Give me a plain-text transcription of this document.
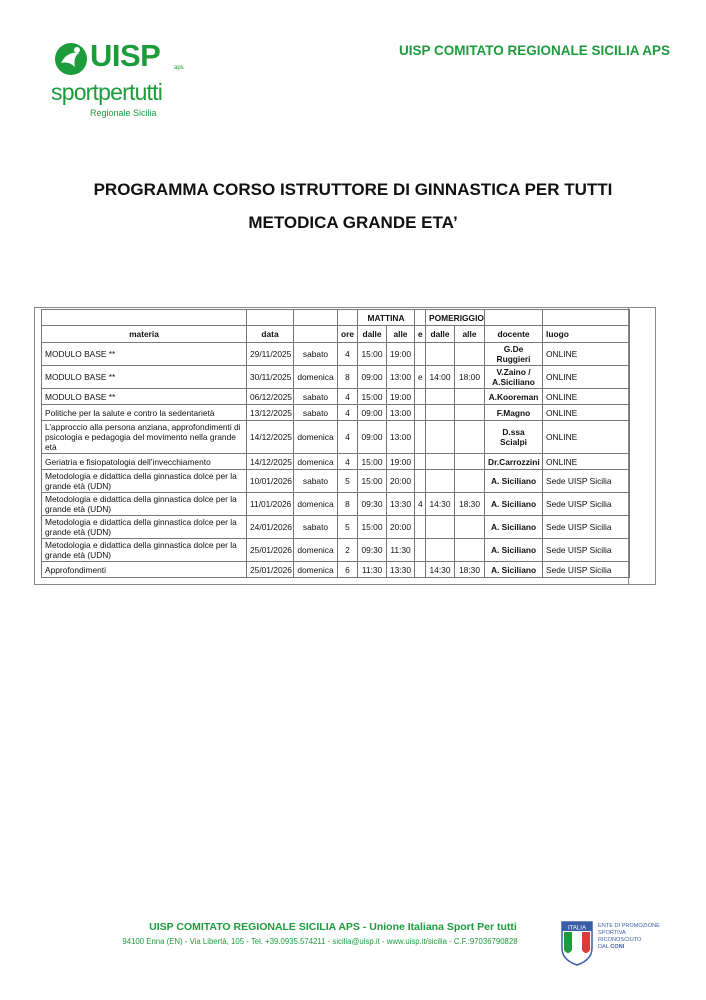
UISP aps
sportpertutti
Regionale Sicilia
UISP COMITATO REGIONALE SICILIA APS
PROGRAMMA CORSO ISTRUTTORE DI GINNASTICA PER TUTTI
METODICA GRANDE ETA’
				MATTINA			POMERIGGIO			
materia	data		ore	dalle	alle	e	dalle	alle	docente	luogo
MODULO BASE **	29/11/2025	sabato	4	15:00	19:00				G.De Ruggieri	ONLINE
MODULO BASE **	30/11/2025	domenica	8	09:00	13:00	e	14:00	18:00	V.Zaino / A.Siciliano	ONLINE
MODULO BASE **	06/12/2025	sabato	4	15:00	19:00				A.Kooreman	ONLINE
Politiche per la salute e contro la sedentarietà	13/12/2025	sabato	4	09:00	13:00				F.Magno	ONLINE
L’approccio alla persona anziana, approfondimenti di psicologia e pedagogia del movimento nella grande età	14/12/2025	domenica	4	09:00	13:00				D.ssa Scialpi	ONLINE
Geriatria e fisiopatologia dell’invecchiamento	14/12/2025	domenica	4	15:00	19:00				Dr.Carrozzini	ONLINE
Metodologia e didattica della ginnastica dolce per la grande età (UDN)	10/01/2026	sabato	5	15:00	20:00				A. Siciliano	Sede UISP Sicilia
Metodologia e didattica della ginnastica dolce per la grande età (UDN)	11/01/2026	domenica	8	09:30	13:30	4	14:30	18:30	A. Siciliano	Sede UISP Sicilia
Metodologia e didattica della ginnastica dolce per la grande età (UDN)	24/01/2026	sabato	5	15:00	20:00				A. Siciliano	Sede UISP Sicilia
Metodologia e didattica della ginnastica dolce per la grande età (UDN)	25/01/2026	domenica	2	09:30	11:30				A. Siciliano	Sede UISP Sicilia
Approfondimenti	25/01/2026	domenica	6	11:30	13:30		14:30	18:30	A. Siciliano	Sede UISP Sicilia
UISP COMITATO REGIONALE SICILIA APS - Unione Italiana Sport Per tutti
94100 Enna (EN) - Via Libertà, 105 - Tel. +39.0935.574211 - sicilia@uisp.it - www.uisp.it/sicilia - C.F.:97036790828
ITALIA ENTE DI PROMOZIONE
SPORTIVA
RICONOSCIUTO
DAL CONI
